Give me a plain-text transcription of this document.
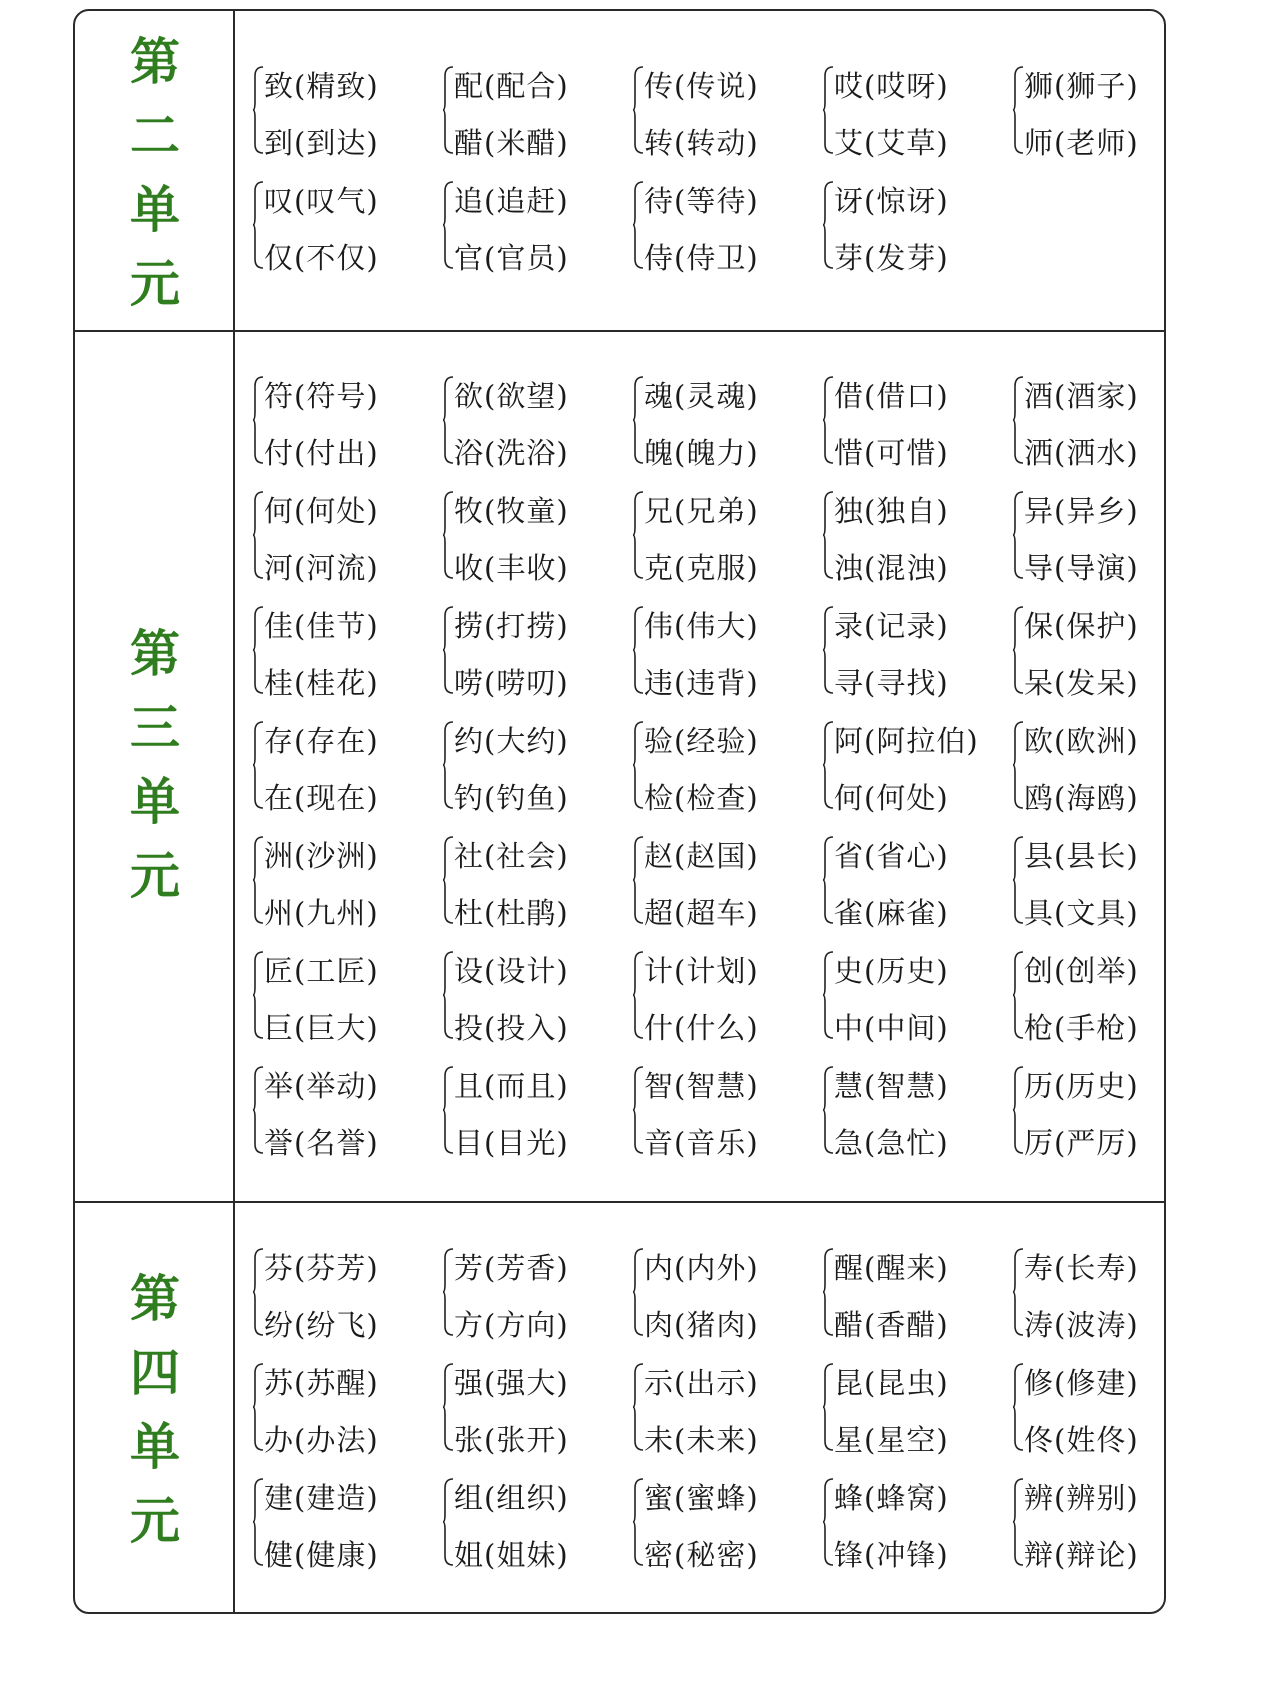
第
二
单
元
致(精致)
到(到达)
叹(叹气)
仅(不仅)
配(配合)
醋(米醋)
追(追赶)
官(官员)
传(传说)
转(转动)
待(等待)
侍(侍卫)
哎(哎呀)
艾(艾草)
讶(惊讶)
芽(发芽)
狮(狮子)
师(老师)
第
三
单
元
符(符号)
付(付出)
何(何处)
河(河流)
佳(佳节)
桂(桂花)
存(存在)
在(现在)
洲(沙洲)
州(九州)
匠(工匠)
巨(巨大)
举(举动)
誉(名誉)
欲(欲望)
浴(洗浴)
牧(牧童)
收(丰收)
捞(打捞)
唠(唠叨)
约(大约)
钓(钓鱼)
社(社会)
杜(杜鹃)
设(设计)
投(投入)
且(而且)
目(目光)
魂(灵魂)
魄(魄力)
兄(兄弟)
克(克服)
伟(伟大)
违(违背)
验(经验)
检(检查)
赵(赵国)
超(超车)
计(计划)
什(什么)
智(智慧)
音(音乐)
借(借口)
惜(可惜)
独(独自)
浊(混浊)
录(记录)
寻(寻找)
阿(阿拉伯)
何(何处)
省(省心)
雀(麻雀)
史(历史)
中(中间)
慧(智慧)
急(急忙)
酒(酒家)
洒(洒水)
异(异乡)
导(导演)
保(保护)
呆(发呆)
欧(欧洲)
鸥(海鸥)
县(县长)
具(文具)
创(创举)
枪(手枪)
历(历史)
厉(严厉)
第
四
单
元
芬(芬芳)
纷(纷飞)
苏(苏醒)
办(办法)
建(建造)
健(健康)
芳(芳香)
方(方向)
强(强大)
张(张开)
组(组织)
姐(姐妹)
内(内外)
肉(猪肉)
示(出示)
未(未来)
蜜(蜜蜂)
密(秘密)
醒(醒来)
醋(香醋)
昆(昆虫)
星(星空)
蜂(蜂窝)
锋(冲锋)
寿(长寿)
涛(波涛)
修(修建)
佟(姓佟)
辨(辨别)
辩(辩论)
